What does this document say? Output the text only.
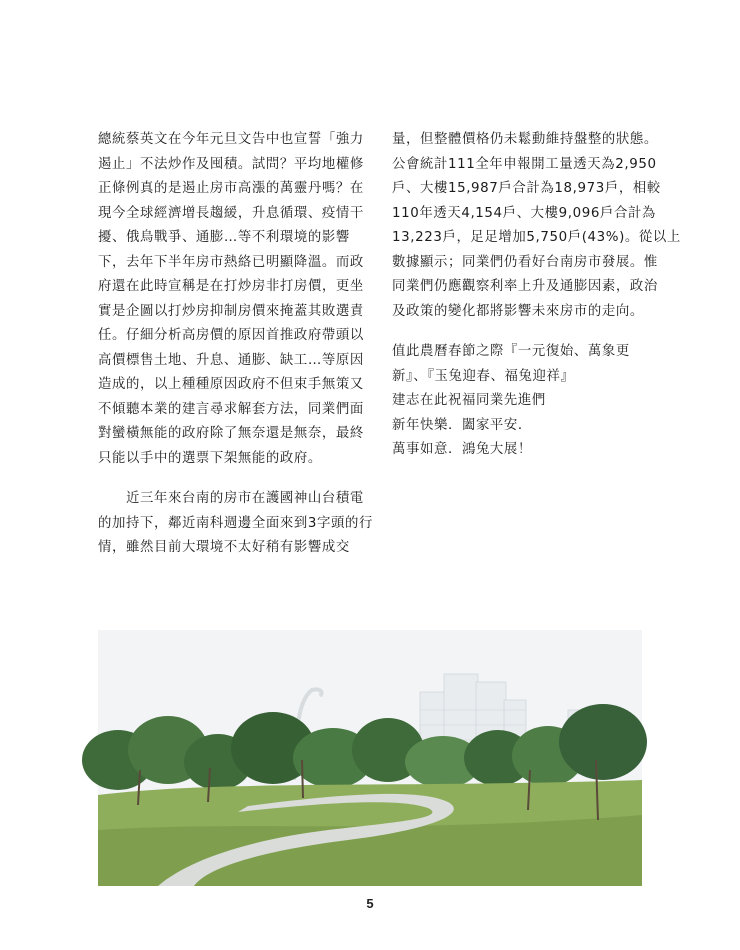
總統蔡英文在今年元旦文告中也宣誓「強力
遏止」不法炒作及囤積。試問？平均地權修
正條例真的是遏止房市高漲的萬靈丹嗎？在
現今全球經濟增長趨緩，升息循環、疫情干
擾、俄烏戰爭、通膨…等不利環境的影響
下，去年下半年房市熱絡已明顯降溫。而政
府還在此時宣稱是在打炒房非打房價，更坐
實是企圖以打炒房抑制房價來掩蓋其敗選責
任。仔細分析高房價的原因首推政府帶頭以
高價標售土地、升息、通膨、缺工…等原因
造成的，以上種種原因政府不但束手無策又
不傾聽本業的建言尋求解套方法，同業們面
對蠻橫無能的政府除了無奈還是無奈，最終
只能以手中的選票下架無能的政府。
　　近三年來台南的房市在護國神山台積電
的加持下，鄰近南科週邊全面來到3字頭的行
情，雖然目前大環境不太好稍有影響成交
量，但整體價格仍未鬆動維持盤整的狀態。
公會統計111全年申報開工量透天為2,950
戶、大樓15,987戶合計為18,973戶，相較
110年透天4,154戶、大樓9,096戶合計為
13,223戶，足足增加5,750戶(43%)。從以上
數據顯示；同業們仍看好台南房市發展。惟
同業們仍應觀察利率上升及通膨因素，政治
及政策的變化都將影響未來房市的走向。
值此農曆春節之際『一元復始、萬象更
新』、『玉兔迎春、福兔迎祥』
建志在此祝福同業先進們
新年快樂．闔家平安．
萬事如意．鴻兔大展！
5
